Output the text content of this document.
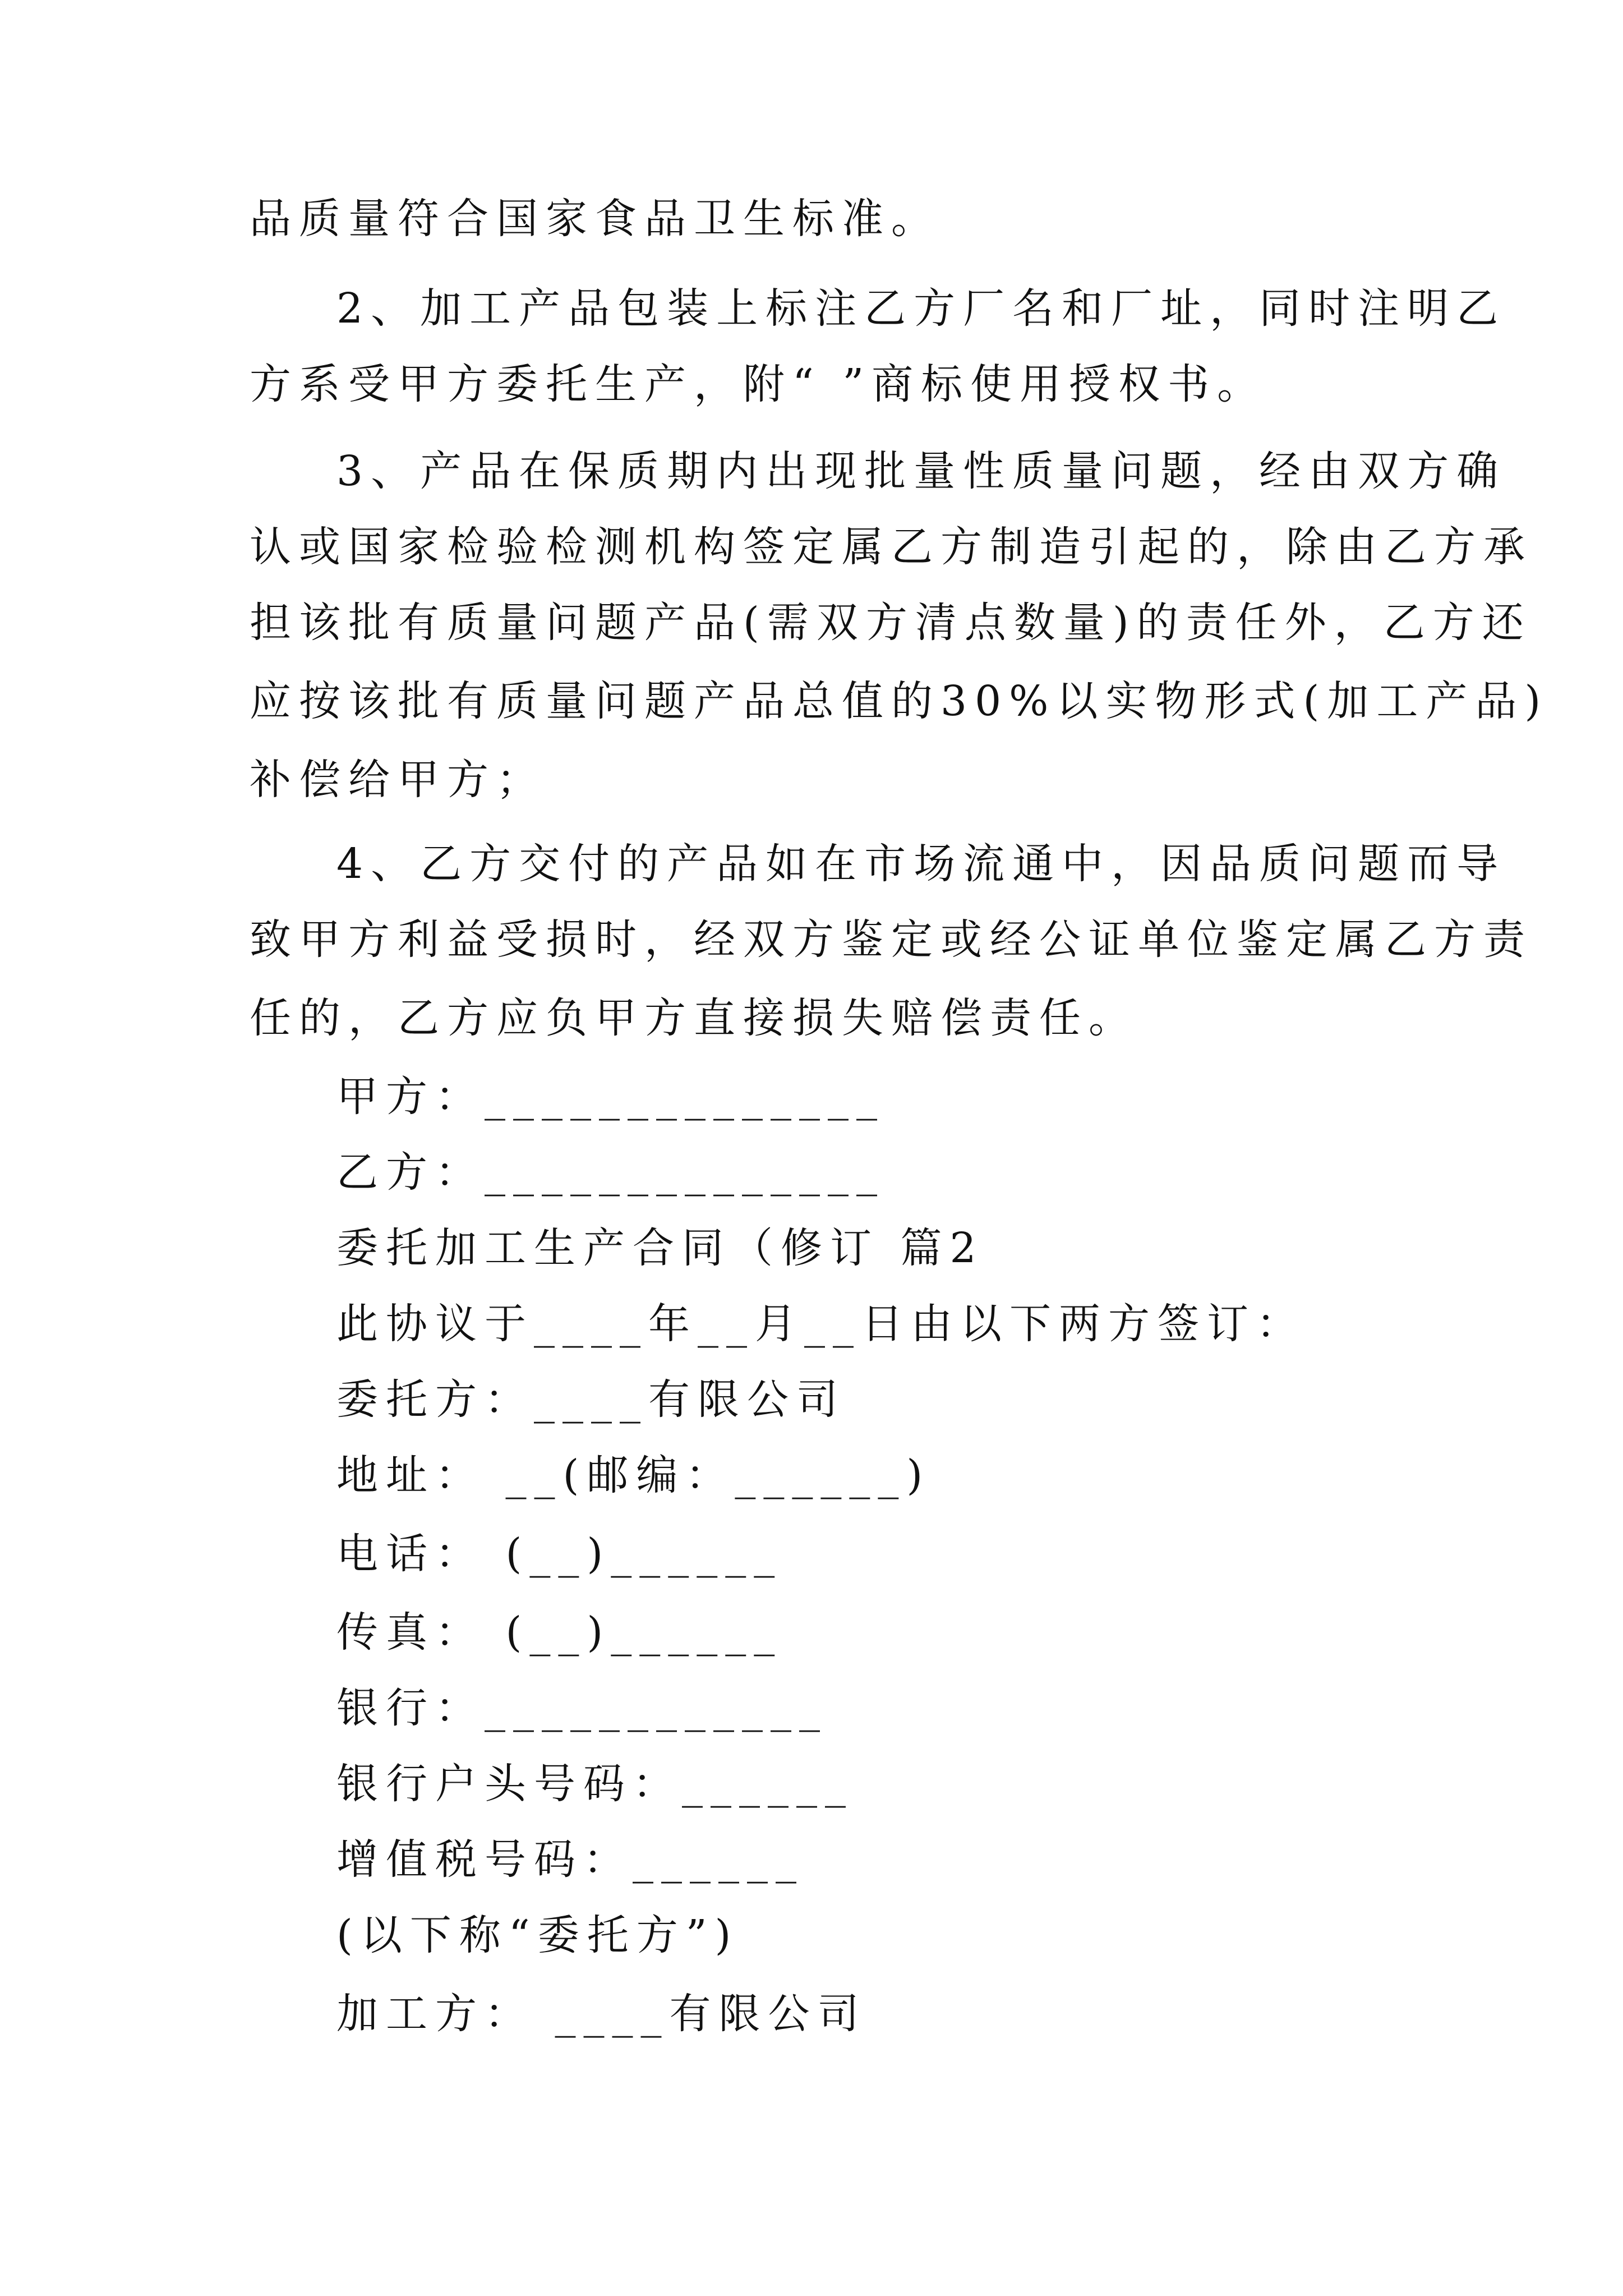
品质量符合国家食品卫生标准。
2、加工产品包装上标注乙方厂名和厂址，同时注明乙
方系受甲方委托生产，附“ ”商标使用授权书。
3、产品在保质期内出现批量性质量问题，经由双方确
认或国家检验检测机构签定属乙方制造引起的，除由乙方承
担该批有质量问题产品(需双方清点数量)的责任外，乙方还
应按该批有质量问题产品总值的30%以实物形式(加工产品)
补偿给甲方；
4、乙方交付的产品如在市场流通中，因品质问题而导
致甲方利益受损时，经双方鉴定或经公证单位鉴定属乙方责
任的，乙方应负甲方直接损失赔偿责任。
甲方：______________
乙方：______________
委托加工生产合同（修订 篇2
此协议于____年__月__日由以下两方签订：
委托方：____有限公司
地址： __(邮编：______)
电话： (__)______
传真： (__)______
银行：____________
银行户头号码：______
增值税号码：______
(以下称“委托方”)
加工方： ____有限公司
